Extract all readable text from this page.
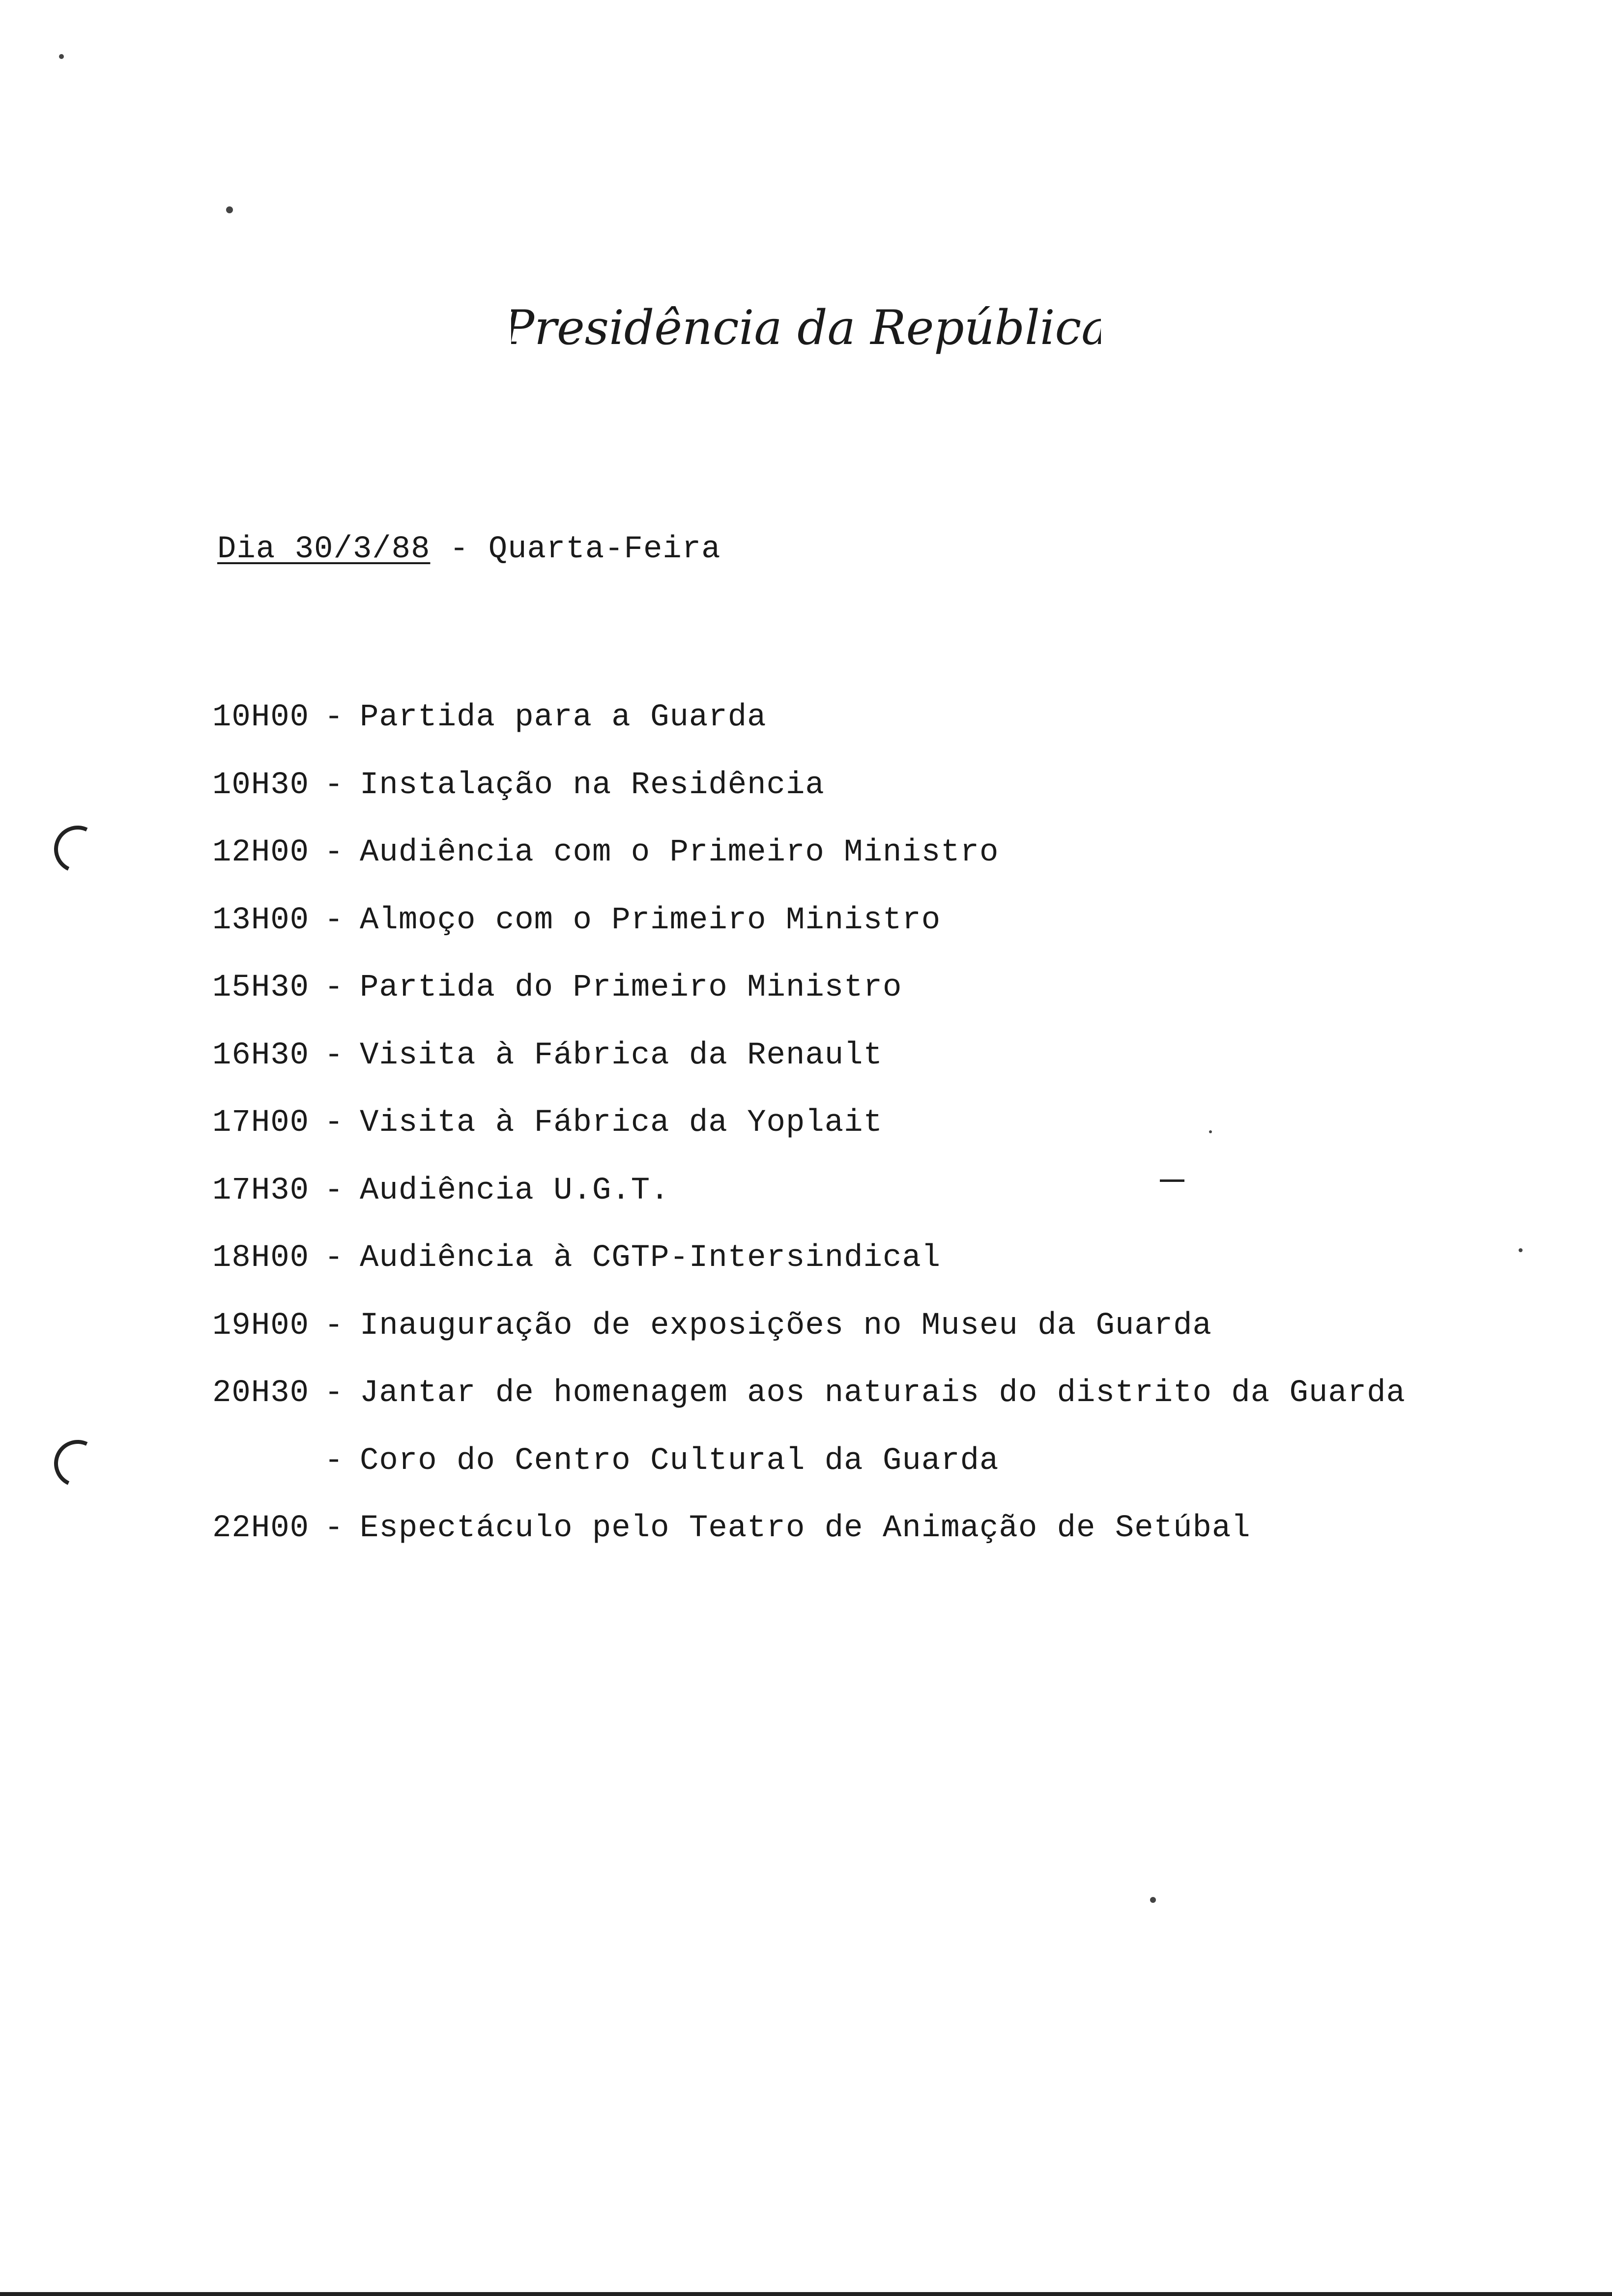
Presidência da República
Dia 30/3/88 - Quarta-Feira
10H00 - Partida para a Guarda
10H30 - Instalação na Residência
12H00 - Audiência com o Primeiro Ministro
13H00 - Almoço com o Primeiro Ministro
15H30 - Partida do Primeiro Ministro
16H30 - Visita à Fábrica da Renault
17H00 - Visita à Fábrica da Yoplait
17H30 - Audiência U.G.T.
18H00 - Audiência à CGTP-Intersindical
19H00 - Inauguração de exposições no Museu da Guarda
20H30 - Jantar de homenagem aos naturais do distrito da Guarda
- Coro do Centro Cultural da Guarda
22H00 - Espectáculo pelo Teatro de Animação de Setúbal
